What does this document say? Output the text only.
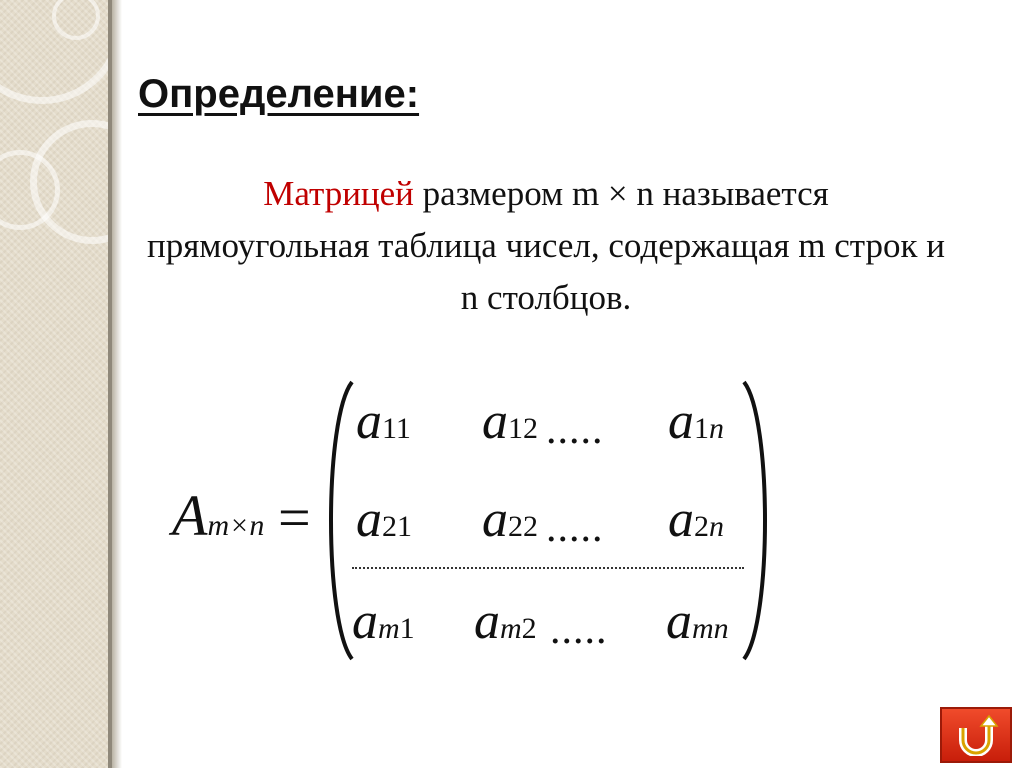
Определение:
Матрицей размером m × n называется
прямоугольная таблица чисел, содержащая m строк и
n столбцов.
Am×n =
a11 a12 ..... a1n
a21 a22 ..... a2n
am1 am2 ..... amn
